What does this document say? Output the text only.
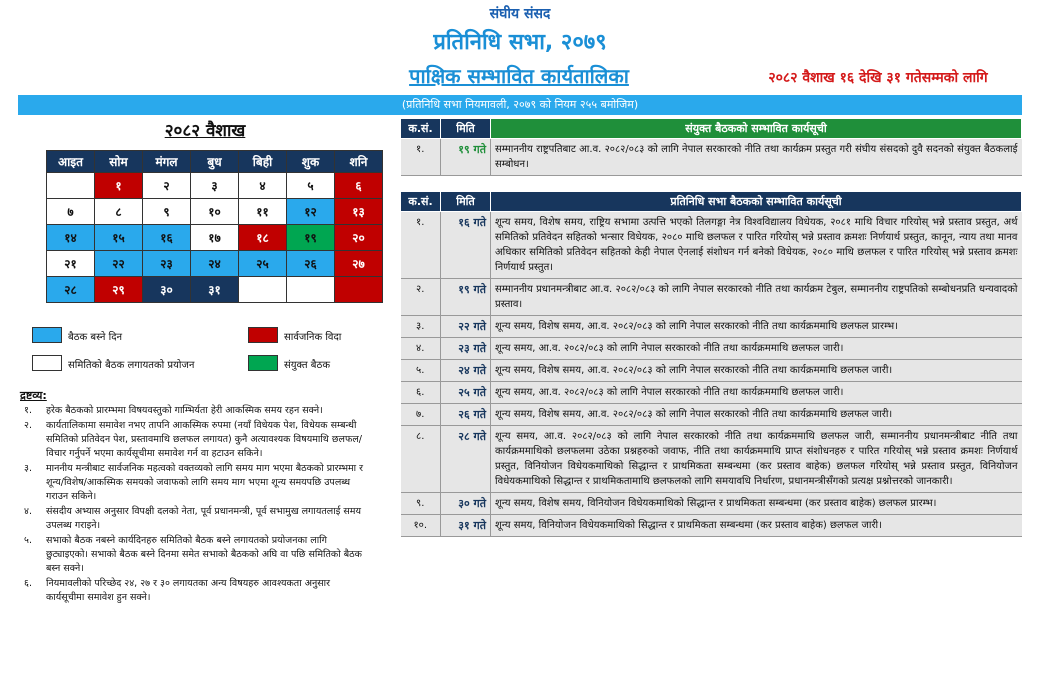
संघीय संसद
प्रतिनिधि सभा, २०७९
पाक्षिक सम्भावित कार्यतालिका	२०८२ वैशाख १६ देखि ३१ गतेसम्मको लागि
(प्रतिनिधि सभा नियमावली, २०७९ को नियम २५५ बमोजिम)
२०८२ वैशाख
आइत	सोम	मंगल	बुध	बिही	शुक	शनि
	१	२	३	४	५	६
७	८	९	१०	११	१२	१३
१४	१५	१६	१७	१८	१९	२०
२१	२२	२३	२४	२५	२६	२७
२८	२९	३०	३१			
बैठक बस्ने दिन	सार्वजनिक विदा
समितिको बैठक लगायतको प्रयोजन	संयुक्त बैठक
द्रष्टव्य:
१.	हरेक बैठकको प्रारम्भमा विषयवस्तुको गाम्भिर्यता हेरी आकस्मिक समय रहन सक्ने।
२.	कार्यतालिकामा समावेश नभए तापनि आकस्मिक रुपमा (नयाँ विधेयक पेश, विधेयक सम्बन्धी समितिको प्रतिवेदन पेश, प्रस्तावमाथि छलफल लगायत) कुनै अत्यावश्यक विषयमाथि छलफल/विचार गर्नुपर्ने भएमा कार्यसूचीमा समावेश गर्न वा हटाउन सकिने।
३.	माननीय मन्त्रीबाट सार्वजनिक महत्वको वक्तव्यको लागि समय माग भएमा बैठकको प्रारम्भमा र शून्य/विशेष/आकस्मिक समयको जवाफको लागि समय माग भएमा शून्य समयपछि उपलब्ध गराउन सकिने।
४.	संसदीय अभ्यास अनुसार विपक्षी दलको नेता, पूर्व प्रधानमन्त्री, पूर्व सभामुख लगायतलाई समय उपलब्ध गराइने।
५.	सभाको बैठक नबस्ने कार्यदिनहरु समितिको बैठक बस्ने लगायतको प्रयोजनका लागि छुट्याइएको। सभाको बैठक बस्ने दिनमा समेत सभाको बैठकको अघि वा पछि समितिको बैठक बस्न सक्ने।
६.	नियमावलीको परिच्छेद २४, २७ र ३० लगायतका अन्य विषयहरु आवश्यकता अनुसार कार्यसूचीमा समावेश हुन सक्ने।
क.सं.	मिति	संयुक्त बैठकको सम्भावित कार्यसूची
१.	१९ गते	सम्माननीय राष्ट्रपतिबाट आ.व. २०८२/०८३ को लागि नेपाल सरकारको नीति तथा कार्यक्रम प्रस्तुत गरी संघीय संसदको दुवै सदनको संयुक्त बैठकलाई सम्बोधन।
क.सं.	मिति	प्रतिनिधि सभा बैठकको सम्भावित कार्यसूची
१.	१६ गते	शून्य समय, विशेष समय, राष्ट्रिय सभामा उत्पत्ति भएको तिलगङ्गा नेत्र विश्वविद्यालय विधेयक, २०८१ माथि विचार गरियोस् भन्ने प्रस्ताव प्रस्तुत, अर्थ समितिको प्रतिवेदन सहितको भन्सार विधेयक, २०८० माथि छलफल र पारित गरियोस् भन्ने प्रस्ताव क्रमशः निर्णयार्थ प्रस्तुत, कानून, न्याय तथा मानव अधिकार समितिको प्रतिवेदन सहितको केही नेपाल ऐनलाई संशोधन गर्न बनेको विधेयक, २०८० माथि छलफल र पारित गरियोस् भन्ने प्रस्ताव क्रमशः निर्णयार्थ प्रस्तुत।
२.	१९ गते	सम्माननीय प्रधानमन्त्रीबाट आ.व. २०८२/०८३ को लागि नेपाल सरकारको नीति तथा कार्यक्रम टेबुल, सम्माननीय राष्ट्रपतिको सम्बोधनप्रति धन्यवादको प्रस्ताव।
३.	२२ गते	शून्य समय, विशेष समय, आ.व. २०८२/०८३ को लागि नेपाल सरकारको नीति तथा कार्यक्रममाथि छलफल प्रारम्भ।
४.	२३ गते	शून्य समय, आ.व. २०८२/०८३ को लागि नेपाल सरकारको नीति तथा कार्यक्रममाथि छलफल जारी।
५.	२४ गते	शून्य समय, विशेष समय, आ.व. २०८२/०८३ को लागि नेपाल सरकारको नीति तथा कार्यक्रममाथि छलफल जारी।
६.	२५ गते	शून्य समय, आ.व. २०८२/०८३ को लागि नेपाल सरकारको नीति तथा कार्यक्रममाथि छलफल जारी।
७.	२६ गते	शून्य समय, विशेष समय, आ.व. २०८२/०८३ को लागि नेपाल सरकारको नीति तथा कार्यक्रममाथि छलफल जारी।
८.	२८ गते	शून्य समय, आ.व. २०८२/०८३ को लागि नेपाल सरकारको नीति तथा कार्यक्रममाथि छलफल जारी, सम्माननीय प्रधानमन्त्रीबाट नीति तथा कार्यक्रममाथिको छलफलमा उठेका प्रश्नहरुको जवाफ, नीति तथा कार्यक्रममाथि प्राप्त संशोधनहरु र पारित गरियोस् भन्ने प्रस्ताव क्रमशः निर्णयार्थ प्रस्तुत, विनियोजन विधेयकमाथिको सिद्धान्त र प्राथमिकता सम्बन्धमा (कर प्रस्ताव बाहेक) छलफल गरियोस् भन्ने प्रस्ताव प्रस्तुत, विनियोजन विधेयकमाथिको सिद्धान्त र प्राथमिकतामाथि छलफलको लागि समयावधि निर्धारण, प्रधानमन्त्रीसँगको प्रत्यक्ष प्रश्नोत्तरको जानकारी।
९.	३० गते	शून्य समय, विशेष समय, विनियोजन विधेयकमाथिको सिद्धान्त र प्राथमिकता सम्बन्धमा (कर प्रस्ताव बाहेक) छलफल प्रारम्भ।
१०.	३१ गते	शून्य समय, विनियोजन विधेयकमाथिको सिद्धान्त र प्राथमिकता सम्बन्धमा (कर प्रस्ताव बाहेक) छलफल जारी।
